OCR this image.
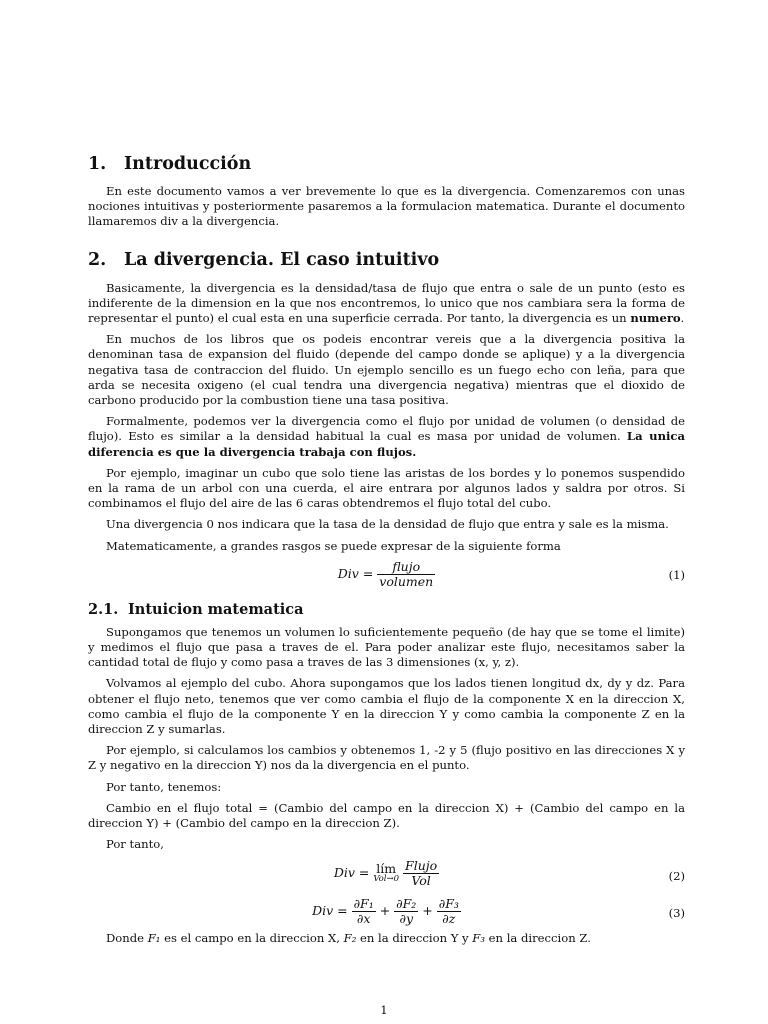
1. Introducción

En este documento vamos a ver brevemente lo que es la divergencia. Comenzaremos con unas nociones intuitivas y posteriormente pasaremos a la formulacion matematica. Durante el documento llamaremos div a la divergencia.

2. La divergencia. El caso intuitivo

Basicamente, la divergencia es la densidad/tasa de flujo que entra o sale de un punto (esto es indiferente de la dimension en la que nos encontremos, lo unico que nos cambiara sera la forma de representar el punto) el cual esta en una superficie cerrada. Por tanto, la divergencia es un numero.

En muchos de los libros que os podeis encontrar vereis que a la divergencia positiva la denominan tasa de expansion del fluido (depende del campo donde se aplique) y a la divergencia negativa tasa de contraccion del fluido. Un ejemplo sencillo es un fuego echo con leña, para que arda se necesita oxigeno (el cual tendra una divergencia negativa) mientras que el dioxido de carbono producido por la combustion tiene una tasa positiva.

Formalmente, podemos ver la divergencia como el flujo por unidad de volumen (o densidad de flujo). Esto es similar a la densidad habitual la cual es masa por unidad de volumen. La unica diferencia es que la divergencia trabaja con flujos.

Por ejemplo, imaginar un cubo que solo tiene las aristas de los bordes y lo ponemos suspendido en la rama de un arbol con una cuerda, el aire entrara por algunos lados y saldra por otros. Si combinamos el flujo del aire de las 6 caras obtendremos el flujo total del cubo.

Una divergencia 0 nos indicara que la tasa de la densidad de flujo que entra y sale es la misma.

Matematicamente, a grandes rasgos se puede expresar de la siguiente forma

Div = $\frac{\text{flujo}}{\text{volumen}}$	(1)
2.1. Intuicion matematica

Supongamos que tenemos un volumen lo suficientemente pequeño (de hay que se tome el limite) y medimos el flujo que pasa a traves de el. Para poder analizar este flujo, necesitamos saber la cantidad total de flujo y como pasa a traves de las 3 dimensiones (x, y, z).

Volvamos al ejemplo del cubo. Ahora supongamos que los lados tienen longitud dx, dy y dz. Para obtener el flujo neto, tenemos que ver como cambia el flujo de la componente X en la direccion X, como cambia el flujo de la componente Y en la direccion Y y como cambia la componente Z en la direccion Z y sumarlas.

Por ejemplo, si calculamos los cambios y obtenemos 1, -2 y 5 (flujo positivo en las direcciones X y Z y negativo en la direccion Y) nos da la divergencia en el punto.

Por tanto, tenemos:

Cambio en el flujo total = (Cambio del campo en la direccion X) + (Cambio del campo en la direccion Y) + (Cambio del campo en la direccion Z).

Por tanto,

Div = lím
Vol→0
$\frac{\text{Flujo}}{\text{Vol}}$	(2)
Div = $\frac{\text{∂F₁}}{\partial x} + \frac{\text{∂F₂}}{\partial y} + \frac{\text{∂F₃}}{\partial z}$	(3)

Donde F₁ es el campo en la direccion X, F₂ en la direccion Y y F₃ en la direccion Z.

1
